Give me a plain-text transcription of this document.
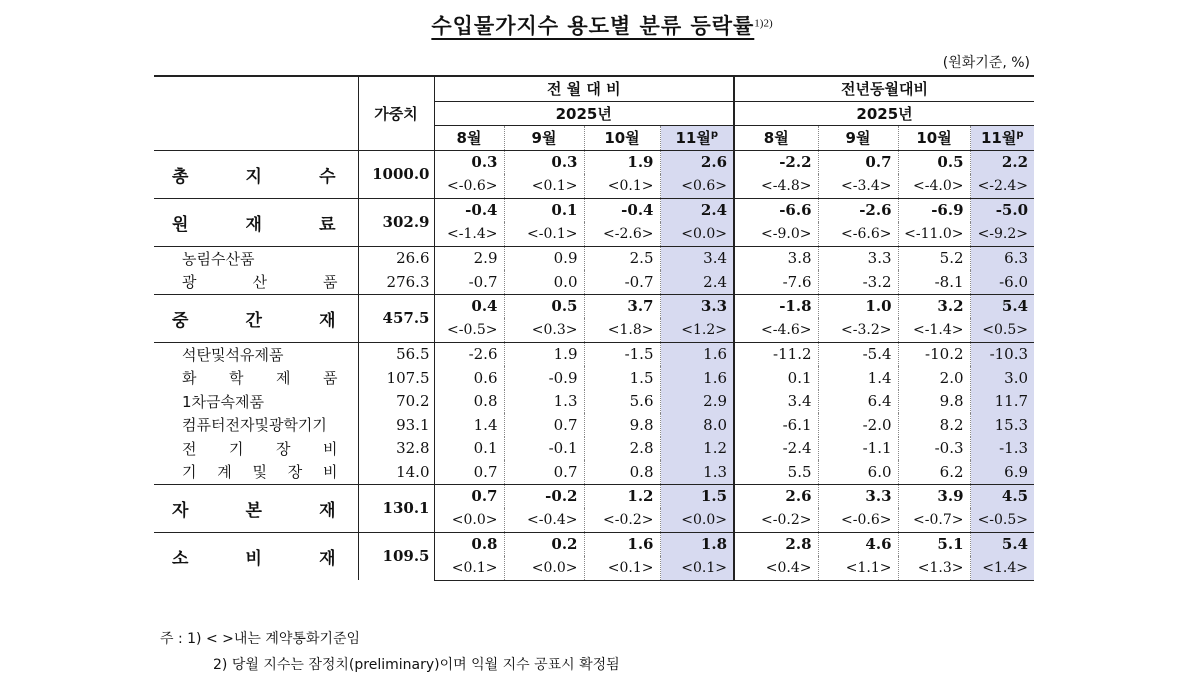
수입물가지수 용도별 분류 등락률$^{1)2)}$
(원화기준, %)
	가중치	전 월 대 비				전년동월대비			
		2025년				2025년			
		8월	9월	10월	11월$^p$	8월	9월	10월	11월$^p$
총 지 수	1000.0	0.3	0.3	1.9	2.6	-2.2	0.7	0.5	2.2
		<-0.6>	<0.1>	<0.1>	<0.6>	<-4.8>	<-3.4>	<-4.0>	<-2.4>
원 재 료	302.9	-0.4	0.1	-0.4	2.4	-6.6	-2.6	-6.9	-5.0
		<-1.4>	<-0.1>	<-2.6>	<0.0>	<-9.0>	<-6.6>	<-11.0>	<-9.2>
농림수산품	26.6	2.9	0.9	2.5	3.4	3.8	3.3	5.2	6.3
광 산 품	276.3	-0.7	0.0	-0.7	2.4	-7.6	-3.2	-8.1	-6.0
중 간 재	457.5	0.4	0.5	3.7	3.3	-1.8	1.0	3.2	5.4
		<-0.5>	<0.3>	<1.8>	<1.2>	<-4.6>	<-3.2>	<-1.4>	<0.5>
석탄및석유제품	56.5	-2.6	1.9	-1.5	1.6	-11.2	-5.4	-10.2	-10.3
화 학 제 품	107.5	0.6	-0.9	1.5	1.6	0.1	1.4	2.0	3.0
1차금속제품	70.2	0.8	1.3	5.6	2.9	3.4	6.4	9.8	11.7
컴퓨터전자및광학기기	93.1	1.4	0.7	9.8	8.0	-6.1	-2.0	8.2	15.3
전 기 장 비	32.8	0.1	-0.1	2.8	1.2	-2.4	-1.1	-0.3	-1.3
기 계 및 장 비	14.0	0.7	0.7	0.8	1.3	5.5	6.0	6.2	6.9
자 본 재	130.1	0.7	-0.2	1.2	1.5	2.6	3.3	3.9	4.5
		<0.0>	<-0.4>	<-0.2>	<0.0>	<-0.2>	<-0.6>	<-0.7>	<-0.5>
소 비 재	109.5	0.8	0.2	1.6	1.8	2.8	4.6	5.1	5.4
		<0.1>	<0.0>	<0.1>	<0.1>	<0.4>	<1.1>	<1.3>	<1.4>
주 : 1) < >내는 계약통화기준임
2) 당월 지수는 잠정치(preliminary)이며 익월 지수 공표시 확정됨
